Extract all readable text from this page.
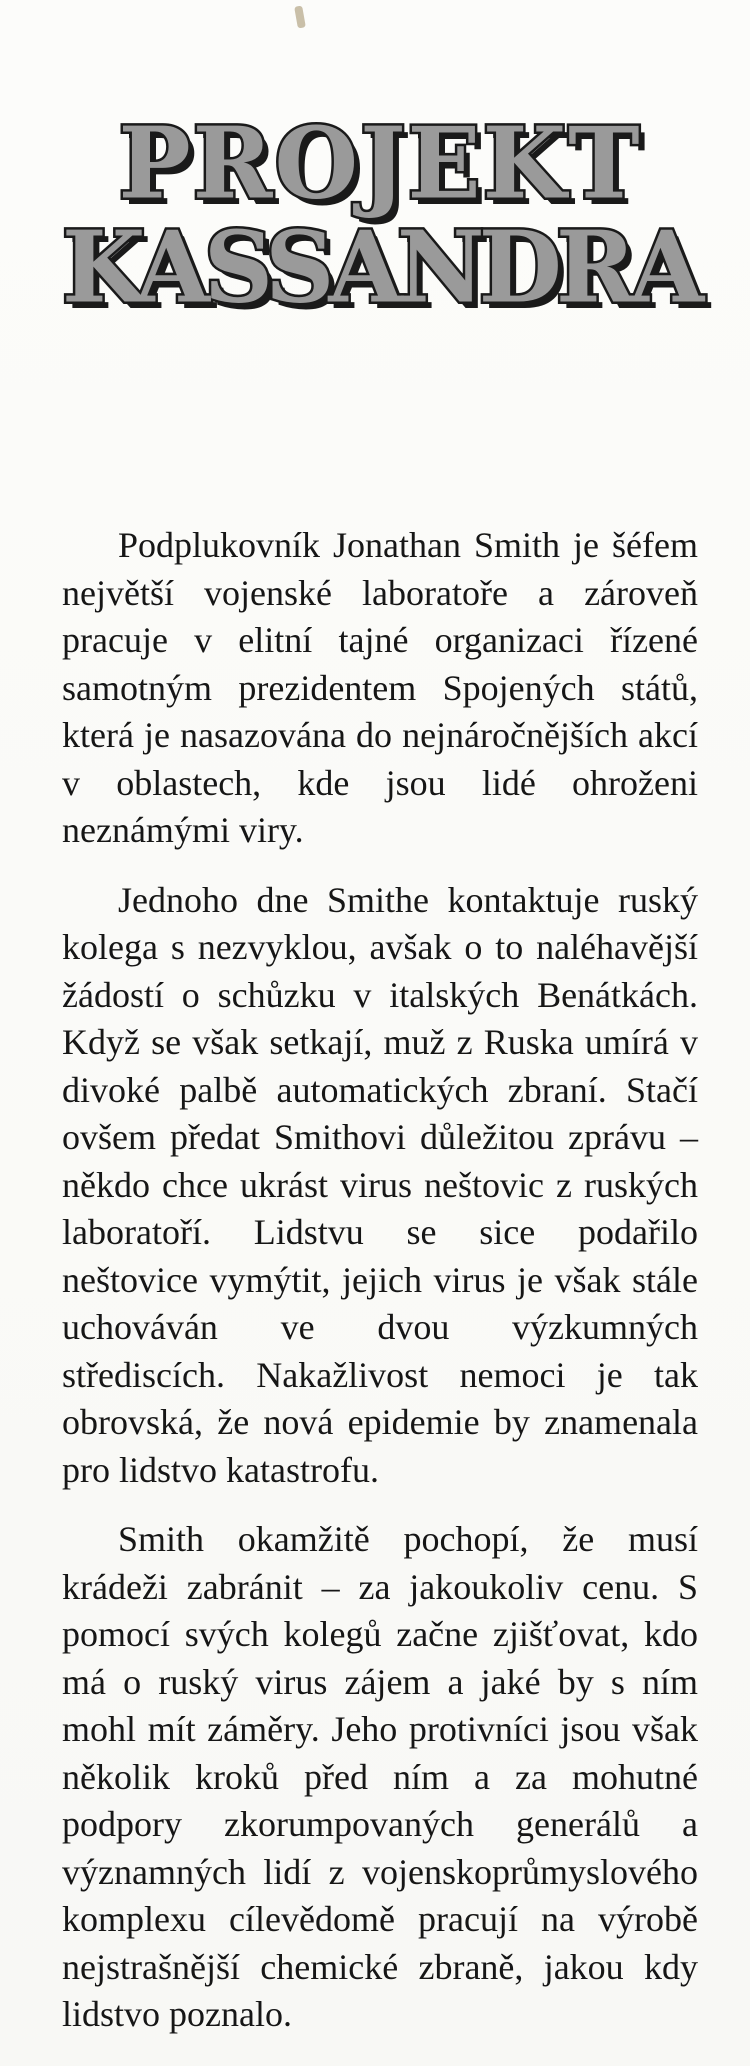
PROJEKT
KASSANDRA

Podplukovník Jonathan Smith je šéfem největší vojenské laboratoře a zároveň pracuje v elitní tajné organizaci řízené samotným prezidentem Spojených států, která je nasazována do nejnáročnějších akcí v oblastech, kde jsou lidé ohroženi neznámými viry.

Jednoho dne Smithe kontaktuje ruský kolega s nezvyklou, avšak o to naléhavější žádostí o schůzku v italských Benátkách. Když se však setkají, muž z Ruska umírá v divoké palbě automatických zbraní. Stačí ovšem předat Smithovi důležitou zprávu – někdo chce ukrást virus neštovic z ruských laboratoří. Lidstvu se sice podařilo neštovice vymýtit, jejich virus je však stále uchováván ve dvou výzkumných střediscích. Nakažlivost nemoci je tak obrovská, že nová epidemie by znamenala pro lidstvo katastrofu.

Smith okamžitě pochopí, že musí krádeži zabránit – za jakoukoliv cenu. S pomocí svých kolegů začne zjišťovat, kdo má o ruský virus zájem a jaké by s ním mohl mít záměry. Jeho protivníci jsou však několik kroků před ním a za mohutné podpory zkorumpovaných generálů a významných lidí z vojenskoprůmyslového komplexu cílevědomě pracují na výrobě nejstrašnější chemické zbraně, jakou kdy lidstvo poznalo.
